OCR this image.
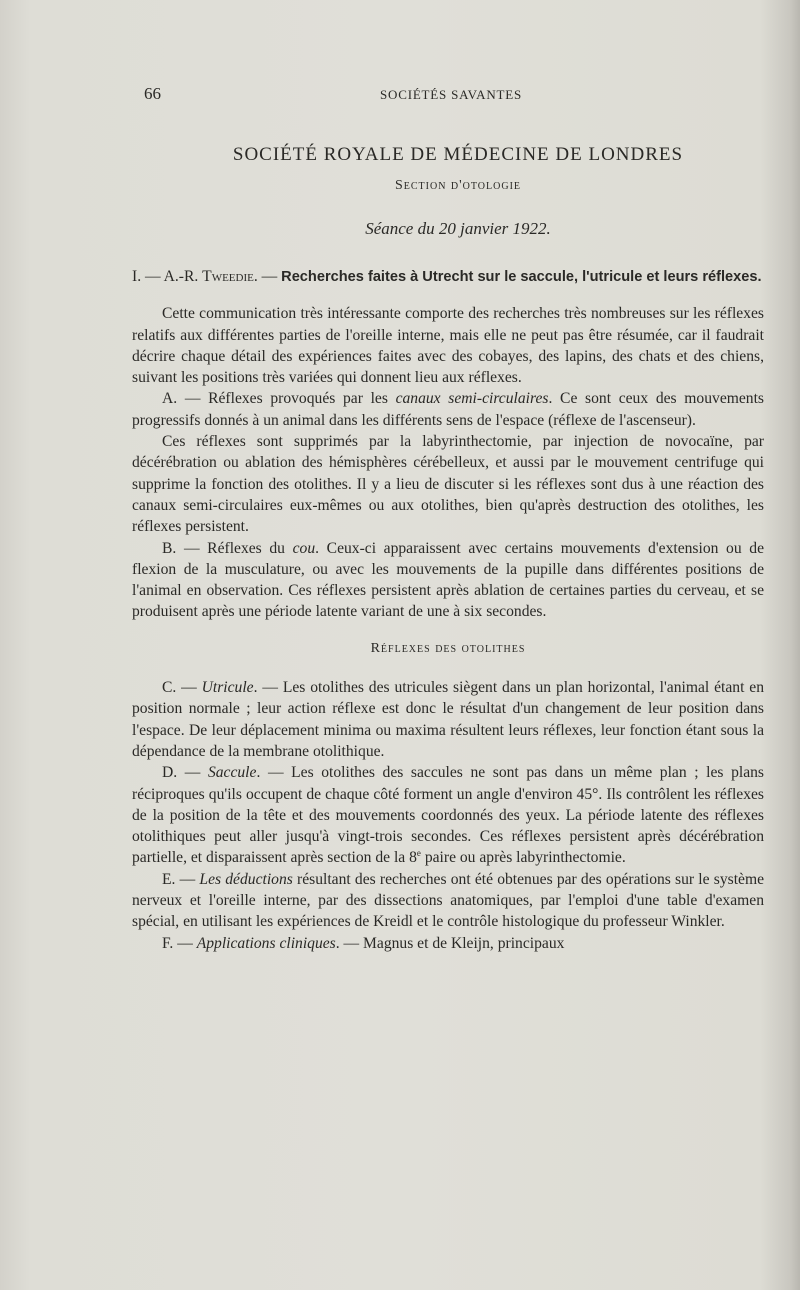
66	SOCIÉTÉS SAVANTES
SOCIÉTÉ ROYALE DE MÉDECINE DE LONDRES
Section d'otologie
Séance du 20 janvier 1922.

I. — A.-R. Tweedie. — Recherches faites à Utrecht sur le saccule, l'utricule et leurs réflexes.

Cette communication très intéressante comporte des recherches très nombreuses sur les réflexes relatifs aux différentes parties de l'oreille interne, mais elle ne peut pas être résumée, car il faudrait décrire chaque détail des expériences faites avec des cobayes, des lapins, des chats et des chiens, suivant les positions très variées qui donnent lieu aux réflexes.

A. — Réflexes provoqués par les canaux semi-circulaires. Ce sont ceux des mouvements progressifs donnés à un animal dans les différents sens de l'espace (réflexe de l'ascenseur).

Ces réflexes sont supprimés par la labyrinthectomie, par injection de novocaïne, par décérébration ou ablation des hémisphères cérébelleux, et aussi par le mouvement centrifuge qui supprime la fonction des otolithes. Il y a lieu de discuter si les réflexes sont dus à une réaction des canaux semi-circulaires eux-mêmes ou aux otolithes, bien qu'après destruction des otolithes, les réflexes persistent.

B. — Réflexes du cou. Ceux-ci apparaissent avec certains mouvements d'extension ou de flexion de la musculature, ou avec les mouvements de la pupille dans différentes positions de l'animal en observation. Ces réflexes persistent après ablation de certaines parties du cerveau, et se produisent après une période latente variant de une à six secondes.

Réflexes des otolithes

C. — Utricule. — Les otolithes des utricules siègent dans un plan horizontal, l'animal étant en position normale ; leur action réflexe est donc le résultat d'un changement de leur position dans l'espace. De leur déplacement minima ou maxima résultent leurs réflexes, leur fonction étant sous la dépendance de la membrane otolithique.

D. — Saccule. — Les otolithes des saccules ne sont pas dans un même plan ; les plans réciproques qu'ils occupent de chaque côté forment un angle d'environ 45°. Ils contrôlent les réflexes de la position de la tête et des mouvements coordonnés des yeux. La période latente des réflexes otolithiques peut aller jusqu'à vingt-trois secondes. Ces réflexes persistent après décérébration partielle, et disparaissent après section de la 8e paire ou après labyrinthectomie.

E. — Les déductions résultant des recherches ont été obtenues par des opérations sur le système nerveux et l'oreille interne, par des dissections anatomiques, par l'emploi d'une table d'examen spécial, en utilisant les expériences de Kreidl et le contrôle histologique du professeur Winkler.

F. — Applications cliniques. — Magnus et de Kleijn, principaux
